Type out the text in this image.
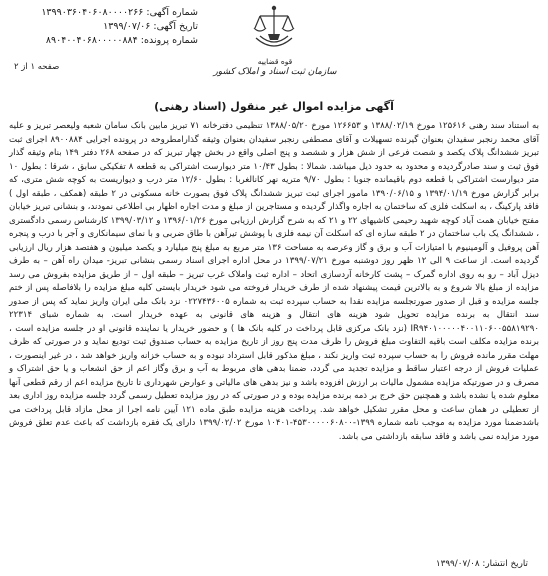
شماره آگهی: ۱۳۹۹۰۳۶۰۴۰۶۰۸۰۰۰۰۲۶۶
تاریخ آگهی: ۱۳۹۹/۰۷/۰۶
شماره پرونده: ۸۹۰۴۰۰۴۰۶۸۰۰۰۰۰۸۸۴
قوه قضاییه
سازمان ثبت اسناد و املاک کشور
صفحه ۱ از ۲
آگهی مزایده اموال غیر منقول (اسناد رهنی)

به استناد سند رهنی ۱۲۵۶۱۶ مورخ ۱۳۸۸/۰۲/۱۹ و ۱۲۶۶۵۳ مورخ ۱۳۸۸/۰۵/۲۰ تنظیمی دفترخانه ۷۱ تبریز مابین بانک سامان شعبه ولیعصر تبریز و علیه آقای محمد رنجبر سفیدان بعنوان گیرنده تسهیلات و آقای مصطفی رنجبر سفیدان بعنوان وثیقه گذارامطروحه در پرونده اجرایی ۸۹۰۰۸۸۴ اجرای ثبت تبریز ششدانگ پلاک یکصد و شصت فرعی از شش هزار و ششصد و پنج اصلی واقع در بخش چهار تبریز که در صفحه ۲۶۸ دفتر ۱۴۹ بنام وثیقه گذار فوق ثبت و سند صادرگردیده و محدود به حدود ذیل میباشد. شمالا : بطول ۱۰/۴۳ متر دیوارست اشتراکی به قطعه ۸ تفکیکی سابق ، شرقا : بطول ۱۰ متر دیوارست اشتراکی با قطعه دوم باقیمانده جنوبا : بطول ۹/۷۰ متریه نهر کانالغربا : بطول ۱۲/۶۰ متر درب و دیواریست به کوچه شش متری، که برابر گزارش مورخ ۱۳۹۴/۰۱/۱۹ و ۱۳۹۰/۰۶/۱۵ مامور اجرای ثبت تبریز ششدانگ پلاک فوق بصورت خانه مسکونی در ۲ طبقه (همکف ، طبقه اول ) فاقد پارکینگ ، به اسکلت فلزی که ساختمان به اجاره واگذار گردیده و مستاجرین از مبلغ و مدت اجاره اظهار بی اطلاعی نمودند، و بنشانی تبریز خیابان مفتح خیابان همت آباد کوچه شهید رحیمی کاشیهای ۲۲ و ۲۱ که به شرح گزارش ارزیابی مورخ ۱۳۹۶/۰۱/۲۶ و ۱۳۹۹/۰۳/۱۲ کارشناس رسمی دادگستری ، ششدانگ یک باب ساختمان در ۲ طبقه سازه ای که اسکلت آن نیمه فلزی با پوشش تیرآهن با طاق ضربی و با نمای سیمانکاری و آجر با درب و پنجره آهن پروفیل و آلومینیوم با امتیازات آب و برق و گاز وعرصه به مساحت ۱۳۶ متر مربع به مبلغ پنج میلیارد و یکصد میلیون و هفتصد هزار ریال ارزیابی گردیده است. از ساعت ۹ الی ۱۲ ظهر روز دوشنبه مورخ ۱۳۹۹/۰۷/۲۱ در محل اداره اجرای اسناد رسمی بنشانی تبریز- میدان راه آهن – به طرف دیزل آباد – رو به روی اداره گمرک – پشت کارخانه آردسازی اتحاد – اداره ثبت واملاک غرب تبریز – طبقه اول – از طریق مزایده بفروش می رسد مزایده از مبلغ بالا شروع و به بالاترین قیمت پیشنهاد شده از طرف خریدار فروخته می شود خریدار بایستی کلیه مبلغ مزایده را بلافاصله پس از ختم جلسه مزایده و قبل از صدور صورتجلسه مزایده نقدا به حساب سپرده ثبت به شماره ۰۲۲۷۴۳۶۰۰۵ نزد بانک ملی ایران واریز نماید که پس از صدور سند انتقال به برنده مزایده تحویل شود هزینه های انتقال و هزینه های قانونی به عهده خریدار است. به شماره شبای ۲۲۳۱۴ IR۹۴۰۱۰۰۰۰۰۴۰۰۱۱۰۶۰۰۵۵۸۱۹۲۹۰ (نزد بانک مرکزی قابل پرداخت در کلیه بانک ها ) و حضور خریدار یا نماینده قانونی او در جلسه مزایده است ، برنده مزایده مکلف است باقیه التفاوت مبلغ فروش را ظرف مدت پنج روز از تاریخ مزایده به حساب صندوق ثبت تودیع نماید و در صورتی که ظرف مهلت مقرر مانده فروش را به حساب سپرده ثبت واریز نکند ، مبلغ مذکور قابل استرداد نبوده و به حساب خزانه واریز خواهد شد ، در غیر اینصورت ، عملیات فروش از درجه اعتبار ساقط و مزایده تجدید می گردد، ضمنا بدهی های مربوط به آب و برق وگاز اعم از حق انشعاب و یا حق اشتراک و مصرف و در صورتیکه مزایده مشمول مالیات بر ارزش افزوده باشد و نیز بدهی های مالیاتی و عوارض شهرداری تا تاریخ مزایده اعم از رقم قطعی آنها معلوم شده یا نشده باشد و همچنین حق خرج بر ذمه برنده مزایده بوده و در صورتی که در روز مزایده تعطیل رسمی گردد جلسه مزایده روز اداری بعد از تعطیلی در همان ساعت و محل مقرر تشکیل خواهد شد. پرداخت هزینه مزایده طبق ماده ۱۲۱ آیین نامه اجرا از محل مازاد قابل پرداخت می باشدضمنا مورد مزایده به موجب نامه شماره ۱۳۹۹-۴۵۳۰۰۰۰۰۶۰۸۰۰-۱۰۴۰۱ مورخ ۱۳۹۹/۰۲/۰۲ دارای یک فقره بازداشت که باعث عدم تعلق فروش مورد مزایده نمی باشد و فاقد سابقه بازداشتی می باشد.

تاریخ انتشار: ۱۳۹۹/۰۷/۰۸
